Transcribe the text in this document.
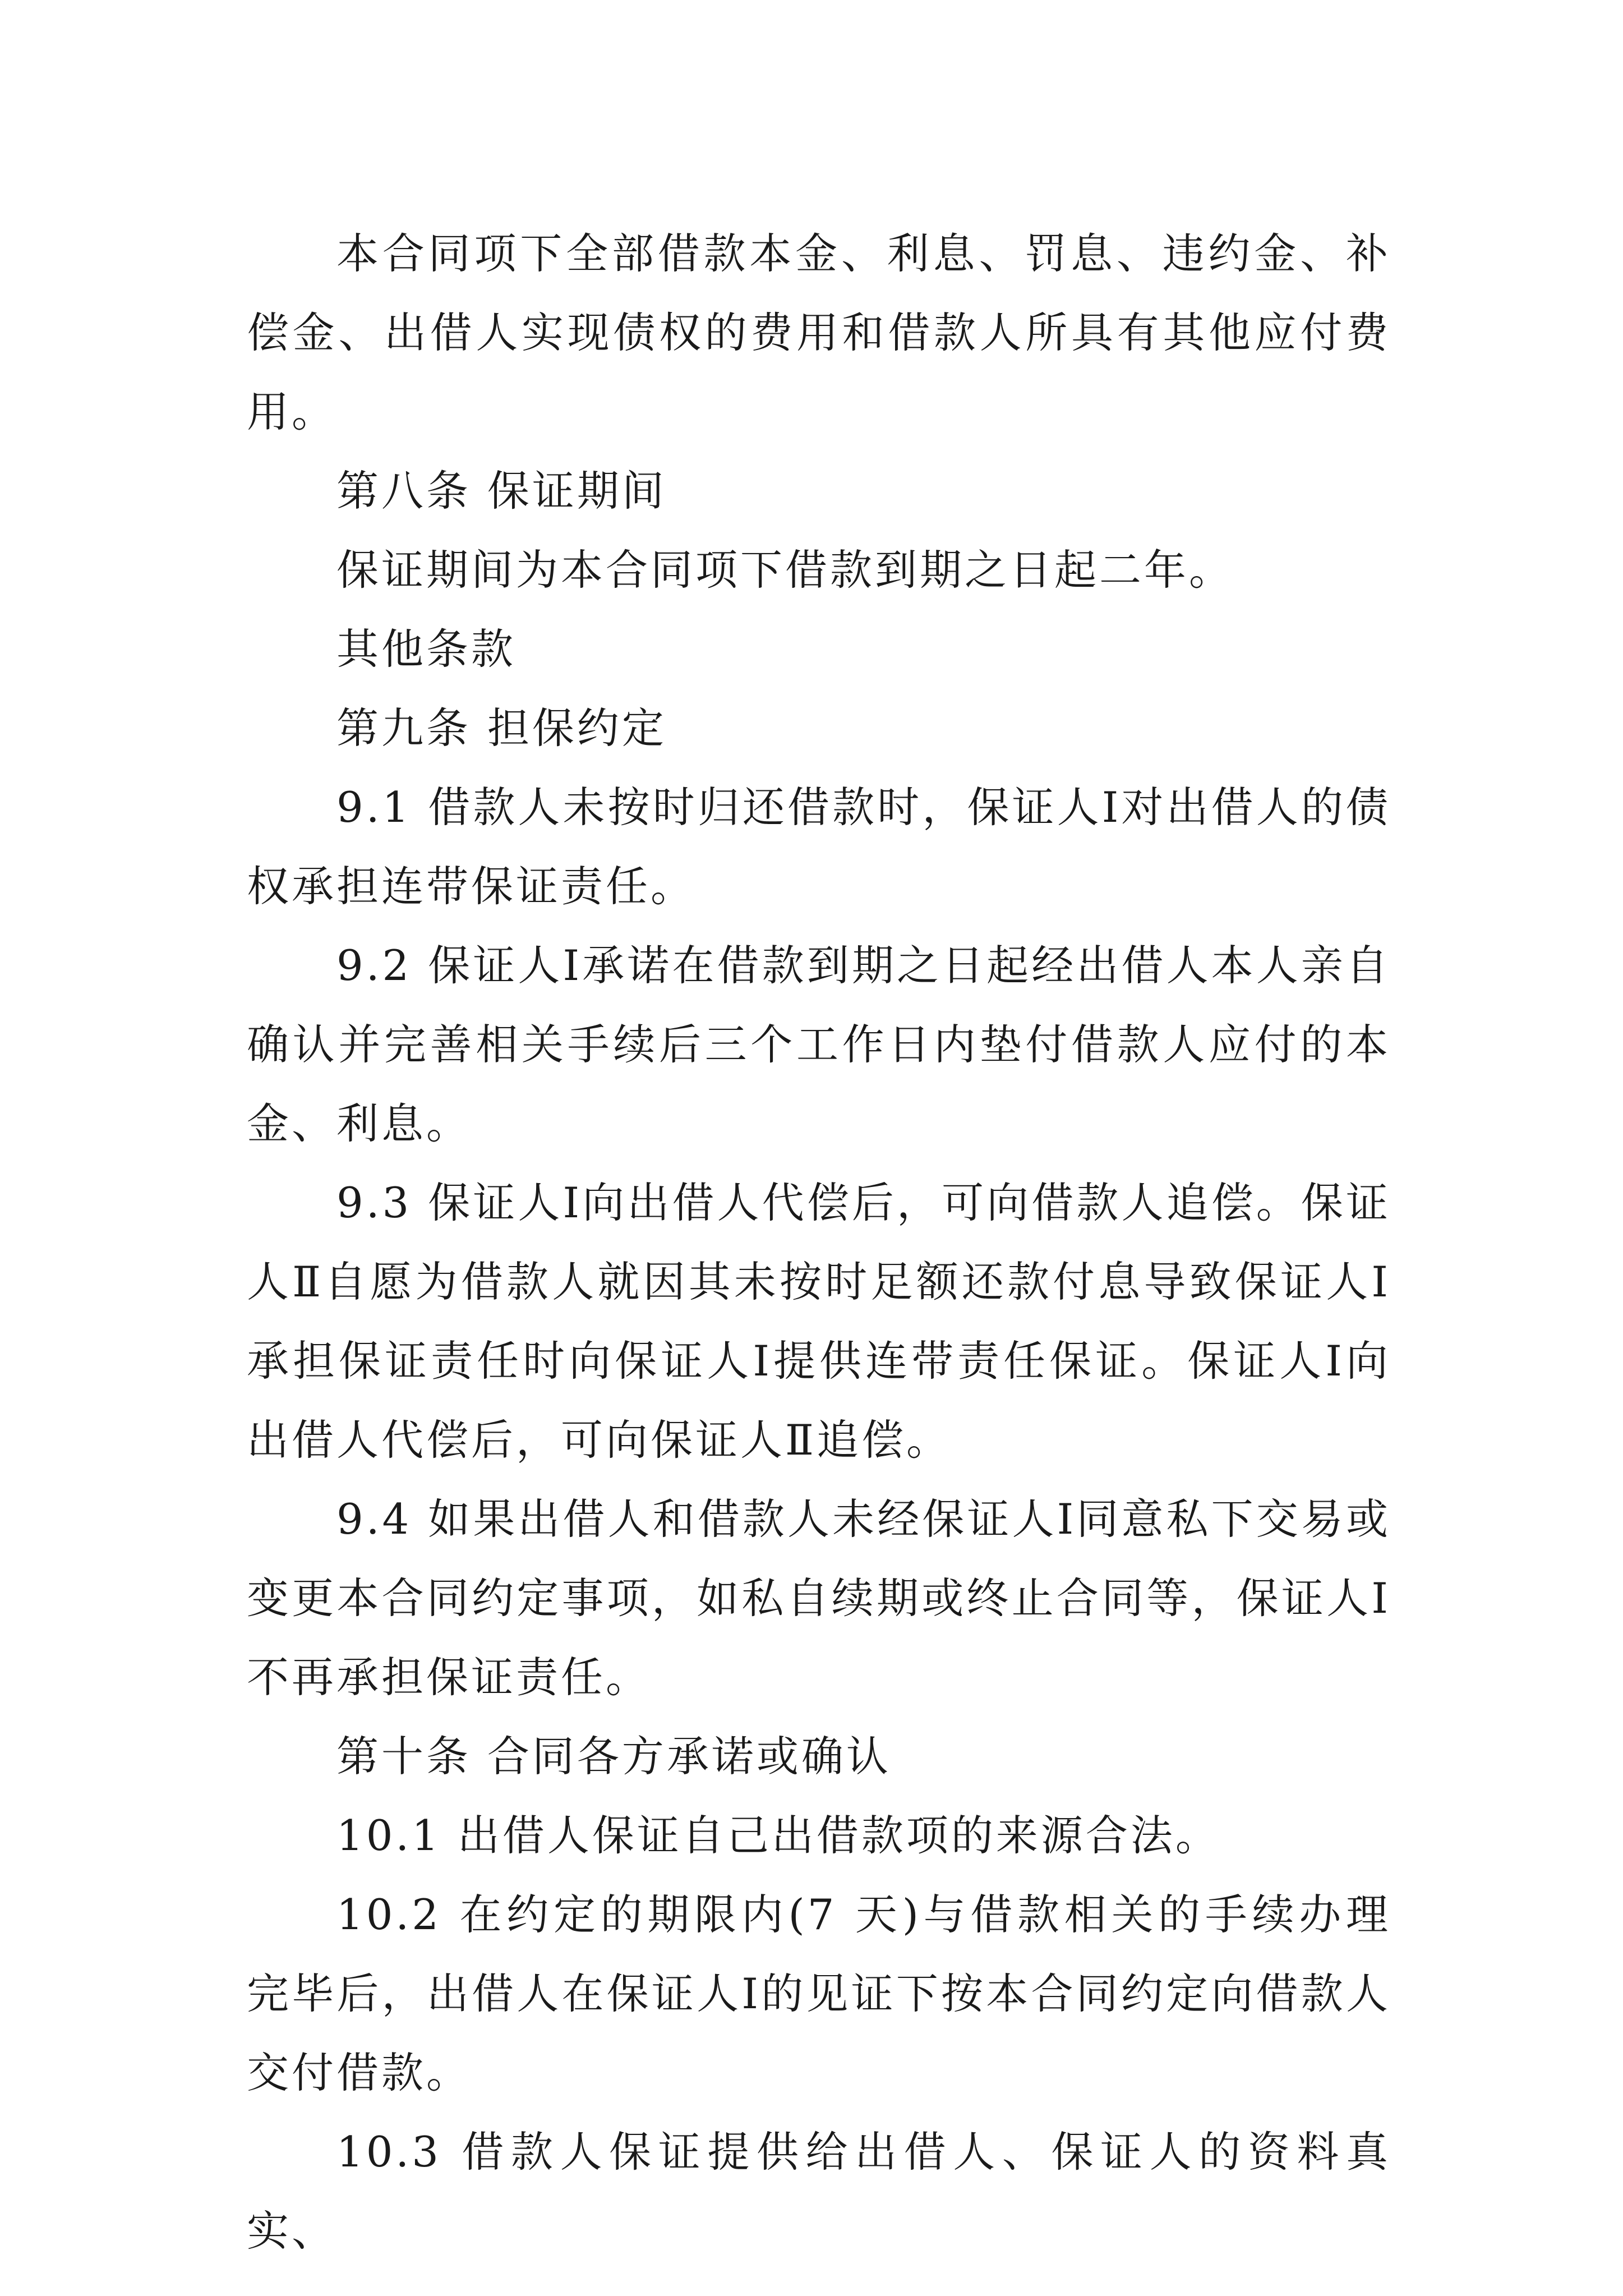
本合同项下全部借款本金、利息、罚息、违约金、补偿金、出借人实现债权的费用和借款人所具有其他应付费用。

第八条 保证期间

保证期间为本合同项下借款到期之日起二年。

其他条款

第九条 担保约定

9.1 借款人未按时归还借款时，保证人Ⅰ对出借人的债权承担连带保证责任。

9.2 保证人Ⅰ承诺在借款到期之日起经出借人本人亲自确认并完善相关手续后三个工作日内垫付借款人应付的本金、利息。

9.3 保证人Ⅰ向出借人代偿后，可向借款人追偿。保证人Ⅱ自愿为借款人就因其未按时足额还款付息导致保证人Ⅰ承担保证责任时向保证人Ⅰ提供连带责任保证。保证人Ⅰ向出借人代偿后，可向保证人Ⅱ追偿。

9.4 如果出借人和借款人未经保证人Ⅰ同意私下交易或变更本合同约定事项，如私自续期或终止合同等，保证人Ⅰ不再承担保证责任。

第十条 合同各方承诺或确认

10.1 出借人保证自己出借款项的来源合法。

10.2 在约定的期限内(7 天)与借款相关的手续办理完毕后，出借人在保证人Ⅰ的见证下按本合同约定向借款人交付借款。

10.3 借款人保证提供给出借人、保证人的资料真实、
